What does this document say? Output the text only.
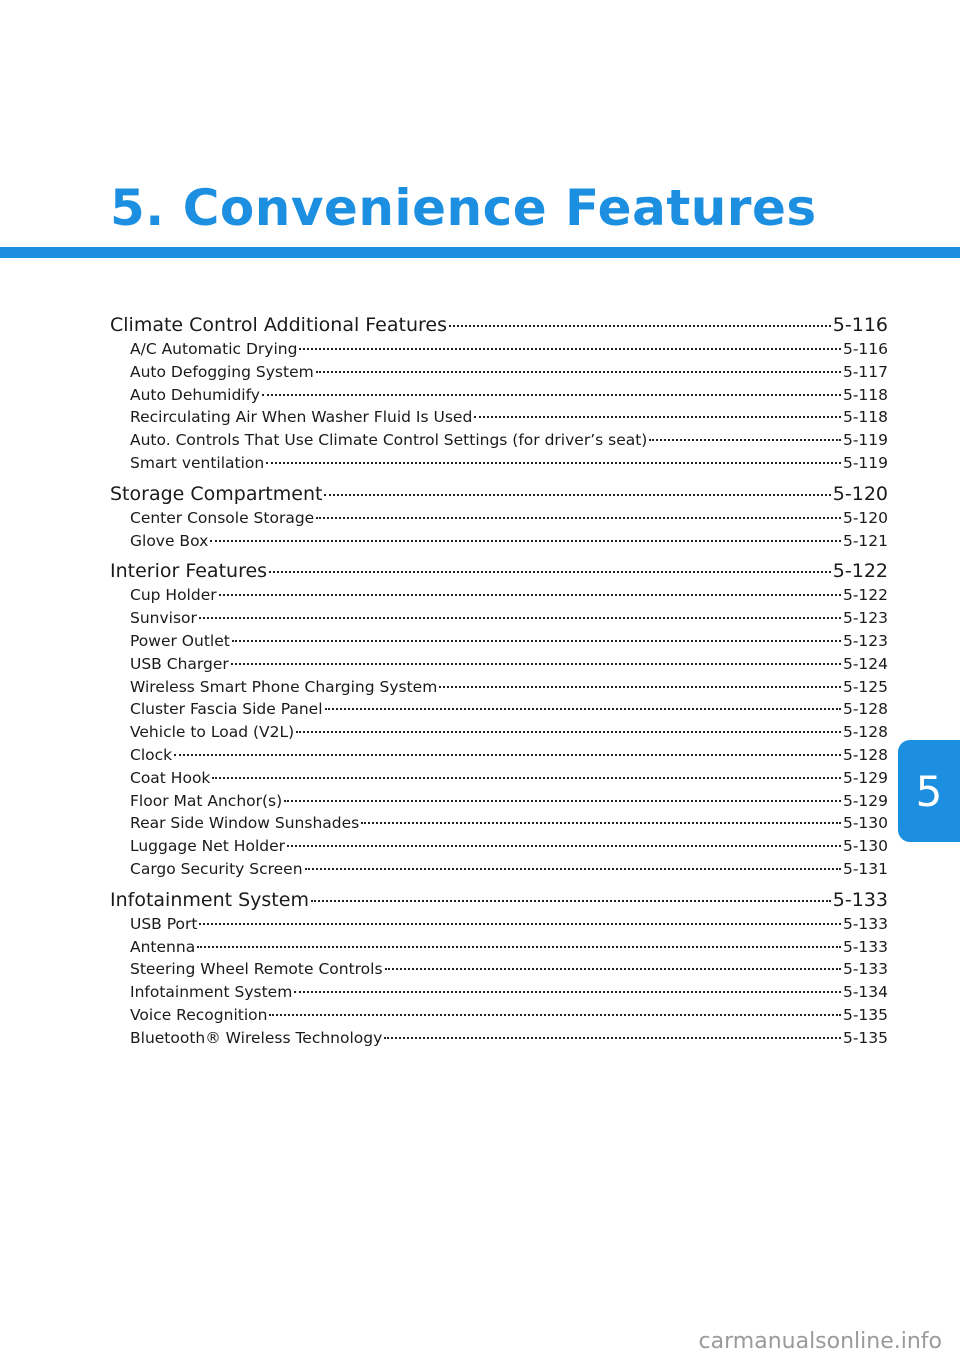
5. Convenience Features
5
Climate Control Additional Features	5-116
A/C Automatic Drying	5-116
Auto Defogging System	5-117
Auto Dehumidify	5-118
Recirculating Air When Washer Fluid Is Used	5-118
Auto. Controls That Use Climate Control Settings (for driver’s seat)	5-119
Smart ventilation	5-119
Storage Compartment	5-120
Center Console Storage	5-120
Glove Box	5-121
Interior Features	5-122
Cup Holder	5-122
Sunvisor	5-123
Power Outlet	5-123
USB Charger	5-124
Wireless Smart Phone Charging System	5-125
Cluster Fascia Side Panel	5-128
Vehicle to Load (V2L)	5-128
Clock	5-128
Coat Hook	5-129
Floor Mat Anchor(s)	5-129
Rear Side Window Sunshades	5-130
Luggage Net Holder	5-130
Cargo Security Screen	5-131
Infotainment System	5-133
USB Port	5-133
Antenna	5-133
Steering Wheel Remote Controls	5-133
Infotainment System	5-134
Voice Recognition	5-135
Bluetooth® Wireless Technology	5-135
carmanualsonline.info
